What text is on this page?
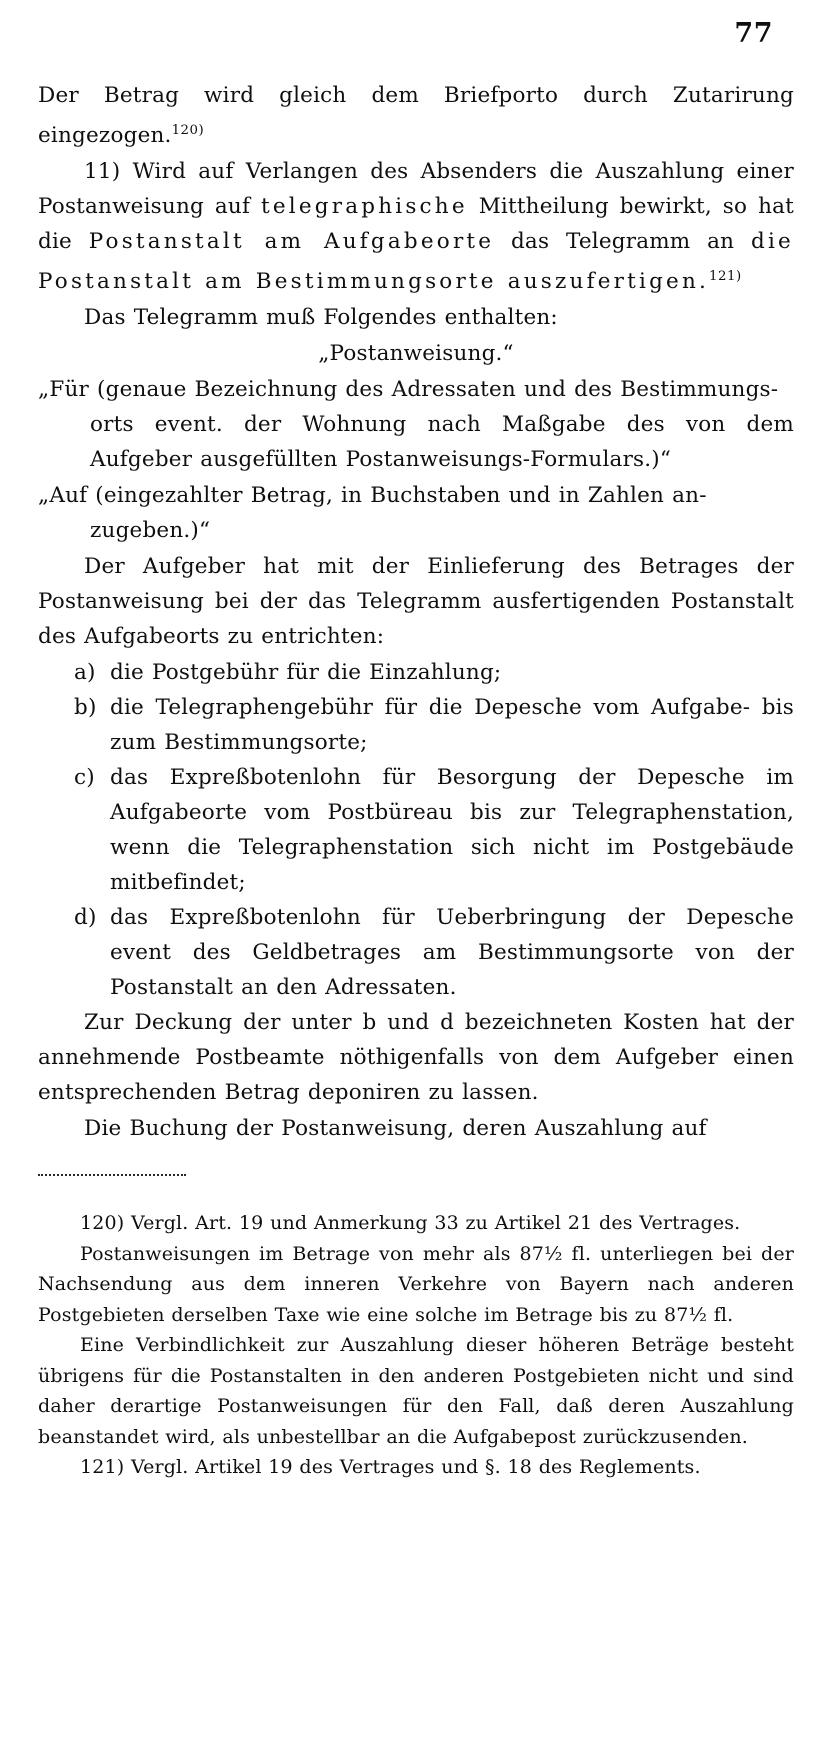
77

Der Betrag wird gleich dem Briefporto durch Zutarirung eingezogen.$^{120)}$

11) Wird auf Verlangen des Absenders die Auszahlung einer Postanweisung auf telegraphische Mittheilung bewirkt, so hat die Postanstalt am Aufgabeorte das Telegramm an die Postanstalt am Bestimmungsorte auszufertigen.$^{121)}$

Das Telegramm muß Folgendes enthalten:

„Postanweisung.“

„Für (genaue Bezeichnung des Adressaten und des Bestimmungs-
orts event. der Wohnung nach Maßgabe des von dem Aufgeber ausgefüllten Postanweisungs-Formulars.)“

„Auf (eingezahlter Betrag, in Buchstaben und in Zahlen an-
zugeben.)“

Der Aufgeber hat mit der Einlieferung des Betrages der Postanweisung bei der das Telegramm ausfertigenden Postanstalt des Aufgabeorts zu entrichten:

a) die Postgebühr für die Einzahlung;
b) die Telegraphengebühr für die Depesche vom Aufgabe- bis zum Bestimmungsorte;
c) das Expreßbotenlohn für Besorgung der Depesche im Aufgabeorte vom Postbüreau bis zur Telegraphenstation, wenn die Telegraphenstation sich nicht im Postgebäude mitbefindet;
d) das Expreßbotenlohn für Ueberbringung der Depesche event des Geldbetrages am Bestimmungsorte von der Postanstalt an den Adressaten.

Zur Deckung der unter b und d bezeichneten Kosten hat der annehmende Postbeamte nöthigenfalls von dem Aufgeber einen entsprechenden Betrag deponiren zu lassen.

Die Buchung der Postanweisung, deren Auszahlung auf

120) Vergl. Art. 19 und Anmerkung 33 zu Artikel 21 des Vertrages.

Postanweisungen im Betrage von mehr als 87½ fl. unterliegen bei der Nachsendung aus dem inneren Verkehre von Bayern nach anderen Postgebieten derselben Taxe wie eine solche im Betrage bis zu 87½ fl.

Eine Verbindlichkeit zur Auszahlung dieser höheren Beträge besteht übrigens für die Postanstalten in den anderen Postgebieten nicht und sind daher derartige Postanweisungen für den Fall, daß deren Auszahlung beanstandet wird, als unbestellbar an die Aufgabepost zurückzusenden.

121) Vergl. Artikel 19 des Vertrages und §. 18 des Reglements.
